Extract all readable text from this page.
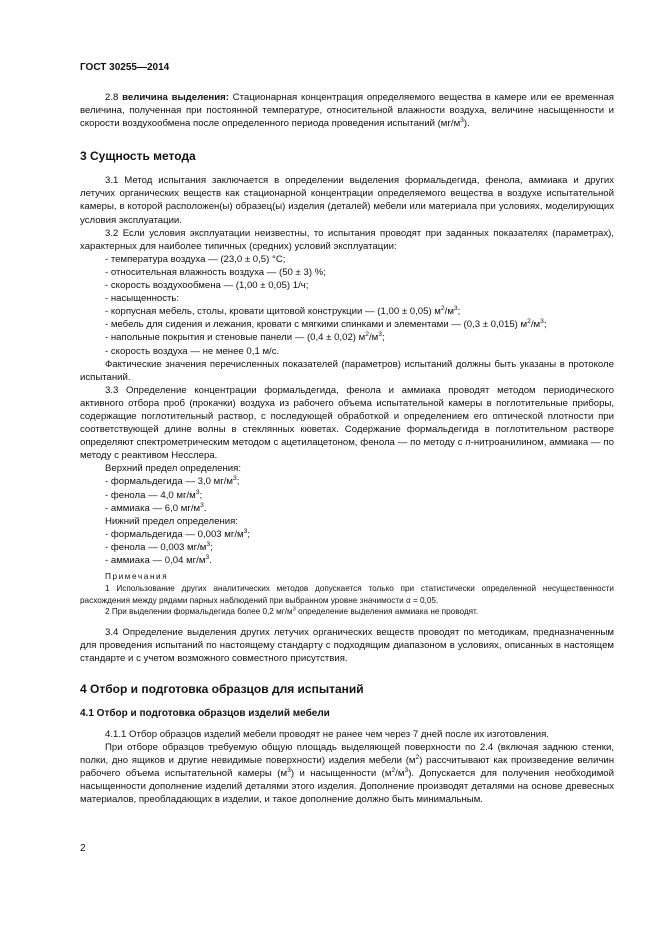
ГОСТ 30255—2014

2.8 величина выделения: Стационарная концентрация определяемого вещества в камере или ее временная величина, полученная при постоянной температуре, относительной влажности воздуха, величине насыщенности и скорости воздухообмена после определенного периода проведения испытаний $(мг/м^3)$.

3 Сущность метода

3.1 Метод испытания заключается в определении выделения формальдегида, фенола, аммиака и других летучих органических веществ как стационарной концентрации определяемого вещества в воздухе испытательной камеры, в которой расположен(ы) образец(ы) изделия (деталей) мебели или материала при условиях, моделирующих условия эксплуатации.

3.2 Если условия эксплуатации неизвестны, то испытания проводят при заданных показателях (параметрах), характерных для наиболее типичных (средних) условий эксплуатации:

- температура воздуха — (23,0 ± 0,5) °С;
- относительная влажность воздуха — (50 ± 3) %;
- скорость воздухообмена — (1,00 ± 0,05) 1/ч;
- насыщенность:
- корпусная мебель, столы, кровати щитовой конструкции — (1,00 ± 0,05) $м^2/м^3$;
- мебель для сидения и лежания, кровати с мягкими спинками и элементами — (0,3 ± 0,015) $м^2/м^3$;
- напольные покрытия и стеновые панели — (0,4 ± 0,02) $м^2/м^3$;
- скорость воздуха — не менее 0,1 м/с.

Фактические значения перечисленных показателей (параметров) испытаний должны быть указаны в протоколе испытаний.

3.3 Определение концентрации формальдегида, фенола и аммиака проводят методом периодического активного отбора проб (прокачки) воздуха из рабочего объема испытательной камеры в поглотительные приборы, содержащие поглотительный раствор, с последующей обработкой и определением его оптической плотности при соответствующей длине волны в стеклянных кюветах. Содержание формальдегида в поглотительном растворе определяют спектрометрическим методом с ацетилацетоном, фенола — по методу с п-нитроанилином, аммиака — по методу с реактивом Несслера.

Верхний предел определения:
- формальдегида — 3,0 $мг/м^3$;
- фенола — 4,0 $мг/м^3$;
- аммиака — 6,0 $мг/м^3$.
Нижний предел определения:
- формальдегида — 0,003 $мг/м^3$;
- фенола — 0,003 $мг/м^3$;
- аммиака — 0,04 $мг/м^3$.
Примечания

1 Использование других аналитических методов допускается только при статистически определенной несущественности расхождения между рядами парных наблюдений при выбранном уровне значимости α = 0,05.

2 При выделении формальдегида более 0,2 $мг/м^3$ определение выделения аммиака не проводят.

3.4 Определение выделения других летучих органических веществ проводят по методикам, предназначенным для проведения испытаний по настоящему стандарту с подходящим диапазоном в условиях, описанных в настоящем стандарте и с учетом возможного совместного присутствия.

4 Отбор и подготовка образцов для испытаний
4.1 Отбор и подготовка образцов изделий мебели

4.1.1 Отбор образцов изделий мебели проводят не ранее чем через 7 дней после их изготовления.

При отборе образцов требуемую общую площадь выделяющей поверхности по 2.4 (включая заднюю стенки, полки, дно ящиков и другие невидимые поверхности) изделия мебели $(м^2)$ рассчитывают как произведение величин рабочего объема испытательной камеры $(м^3)$ и насыщенности $(м^2/м^3)$. Допускается для получения необходимой насыщенности дополнение изделий деталями этого изделия. Дополнение производят деталями на основе древесных материалов, преобладающих в изделии, и такое дополнение должно быть минимальным.

2
